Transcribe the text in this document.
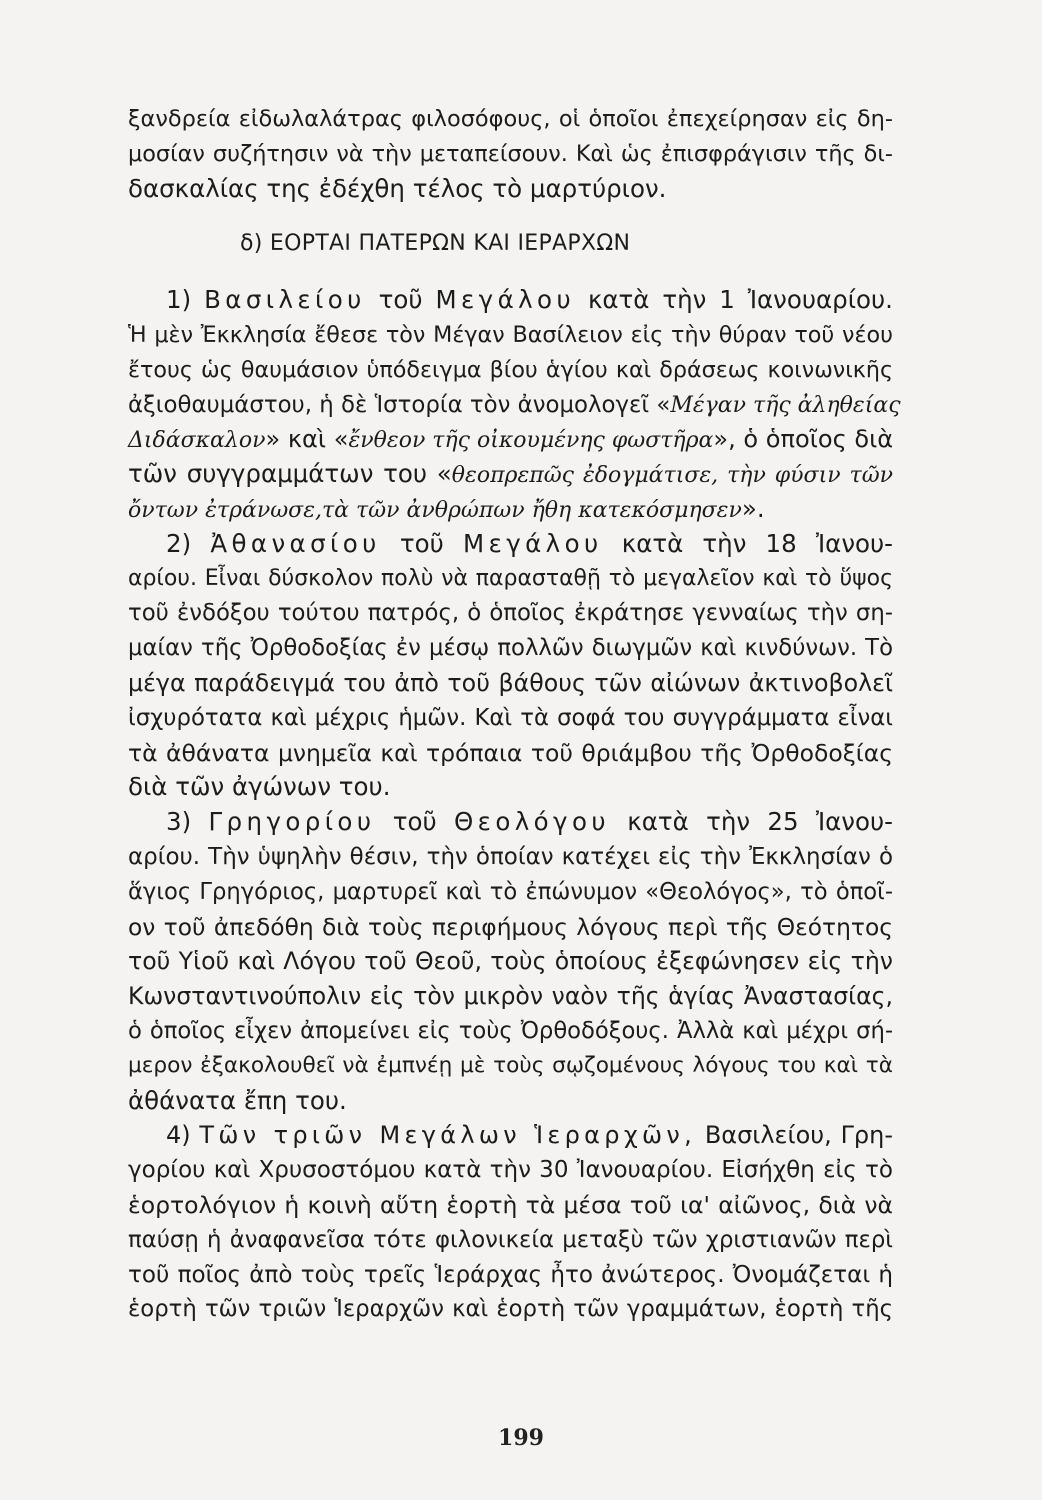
ξανδρεία εἰδωλαλάτρας φιλοσόφους, οἱ ὁποῖοι ἐπεχείρησαν εἰς δη-
μοσίαν συζήτησιν νὰ τὴν μεταπείσουν. Καὶ ὡς ἐπισφράγισιν τῆς δι-
δασκαλίας της ἐδέχθη τέλος τὸ μαρτύριον.
δ) ΕΟΡΤΑΙ ΠΑΤΕΡΩΝ ΚΑΙ ΙΕΡΑΡΧΩΝ
1) Βασιλείου τοῦ Μεγάλου κατὰ τὴν 1 Ἰανουαρίου.
Ἡ μὲν Ἐκκλησία ἔθεσε τὸν Μέγαν Βασίλειον εἰς τὴν θύραν τοῦ νέου
ἔτους ὡς θαυμάσιον ὑπόδειγμα βίου ἁγίου καὶ δράσεως κοινωνικῆς
ἀξιοθαυμάστου, ἡ δὲ Ἱστορία τὸν ἀνομολογεῖ «Μέγαν τῆς ἀληθείας
Διδάσκαλον» καὶ «ἔνθεον τῆς οἰκουμένης φωστῆρα», ὁ ὁποῖος διὰ
τῶν συγγραμμάτων του «θεοπρεπῶς ἐδογμάτισε, τὴν φύσιν τῶν
ὄντων ἐτράνωσε,τὰ τῶν ἀνθρώπων ἤθη κατεκόσμησεν».
2) Ἀθανασίου τοῦ Μεγάλου κατὰ τὴν 18 Ἰανου-
αρίου. Εἶναι δύσκολον πολὺ νὰ παρασταθῇ τὸ μεγαλεῖον καὶ τὸ ὕψος
τοῦ ἐνδόξου τούτου πατρός, ὁ ὁποῖος ἐκράτησε γενναίως τὴν ση-
μαίαν τῆς Ὀρθοδοξίας ἐν μέσῳ πολλῶν διωγμῶν καὶ κινδύνων. Τὸ
μέγα παράδειγμά του ἀπὸ τοῦ βάθους τῶν αἰώνων ἀκτινοβολεῖ
ἰσχυρότατα καὶ μέχρις ἡμῶν. Καὶ τὰ σοφά του συγγράμματα εἶναι
τὰ ἀθάνατα μνημεῖα καὶ τρόπαια τοῦ θριάμβου τῆς Ὀρθοδοξίας
διὰ τῶν ἀγώνων του.
3) Γρηγορίου τοῦ Θεολόγου κατὰ τὴν 25 Ἰανου-
αρίου. Τὴν ὑψηλὴν θέσιν, τὴν ὁποίαν κατέχει εἰς τὴν Ἐκκλησίαν ὁ
ἅγιος Γρηγόριος, μαρτυρεῖ καὶ τὸ ἐπώνυμον «Θεολόγος», τὸ ὁποῖ-
ον τοῦ ἀπεδόθη διὰ τοὺς περιφήμους λόγους περὶ τῆς Θεότητος
τοῦ Υἱοῦ καὶ Λόγου τοῦ Θεοῦ, τοὺς ὁποίους ἐξεφώνησεν εἰς τὴν
Κωνσταντινούπολιν εἰς τὸν μικρὸν ναὸν τῆς ἁγίας Ἀναστασίας,
ὁ ὁποῖος εἶχεν ἀπομείνει εἰς τοὺς Ὀρθοδόξους. Ἀλλὰ καὶ μέχρι σή-
μερον ἐξακολουθεῖ νὰ ἐμπνέῃ μὲ τοὺς σῳζομένους λόγους του καὶ τὰ
ἀθάνατα ἔπη του.
4) Τῶν τριῶν Μεγάλων Ἱεραρχῶν, Βασιλείου, Γρη-
γορίου καὶ Χρυσοστόμου κατὰ τὴν 30 Ἰανουαρίου. Εἰσήχθη εἰς τὸ
ἑορτολόγιον ἡ κοινὴ αὕτη ἑορτὴ τὰ μέσα τοῦ ια' αἰῶνος, διὰ νὰ
παύσῃ ἡ ἀναφανεῖσα τότε φιλονικεία μεταξὺ τῶν χριστιανῶν περὶ
τοῦ ποῖος ἀπὸ τοὺς τρεῖς Ἱεράρχας ἦτο ἀνώτερος. Ὀνομάζεται ἡ
ἑορτὴ τῶν τριῶν Ἱεραρχῶν καὶ ἑορτὴ τῶν γραμμάτων, ἑορτὴ τῆς
199
